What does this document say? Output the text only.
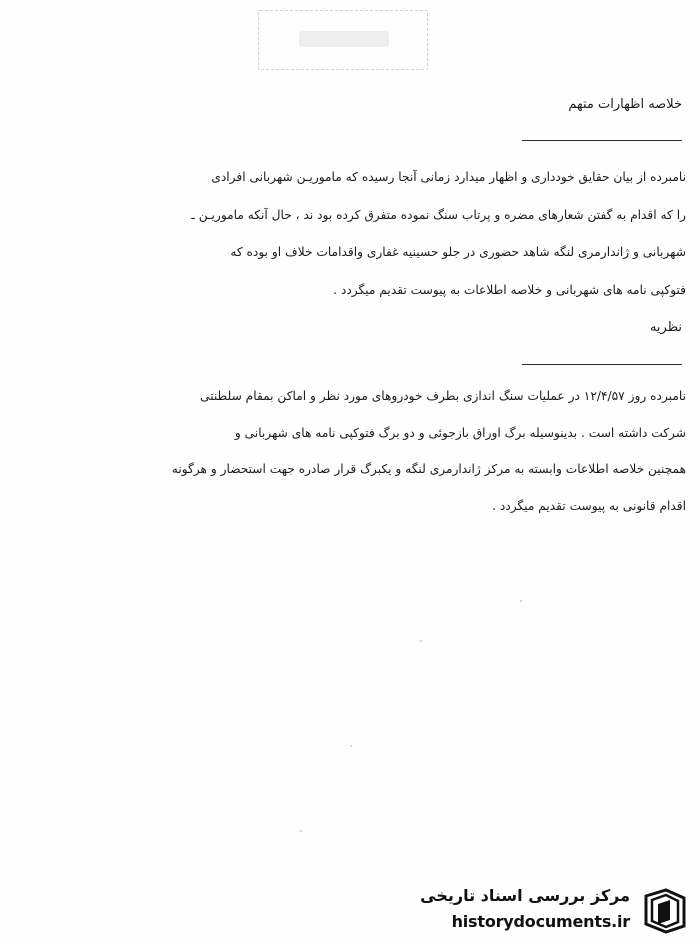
خلاصه اظهارات متهم
نامبرده از بیان حقایق خودداری و اظهار میدارد زمانی آنجا رسیده که ماموریـن شهربانی افرادی
را که اقدام به گفتن شعارهای مضره و پرتاب سنگ نموده متفرق کرده بود ند ، حال آنکه ماموریـن ـ
شهربانی و ژاندارمری لنگه شاهد حضوری در جلو حسینیه غفاری واقدامات خلاف او بوده که
فتوکپی نامه های شهربانی و خلاصه اطلاعات به پیوست تقدیم میگردد .
نظریه
نامبرده روز ۱۲/۴/۵۷ در عملیات سنگ اندازی بطرف خودروهای مورد نظر و اماکن بمقام سلطنتی
شرکت داشته است . بدینوسیله برگ اوراق بازجوئی و دو برگ فتوکپی نامه های شهربانی و
همچنین خلاصه اطلاعات وابسته به مرکز ژاندارمری لنگه و یکبرگ قرار صادره جهت استحضار و هرگونه
اقدام قانونی به پیوست تقدیم میگردد .
مرکز بررسی اسناد تاریخی
historydocuments.ir
